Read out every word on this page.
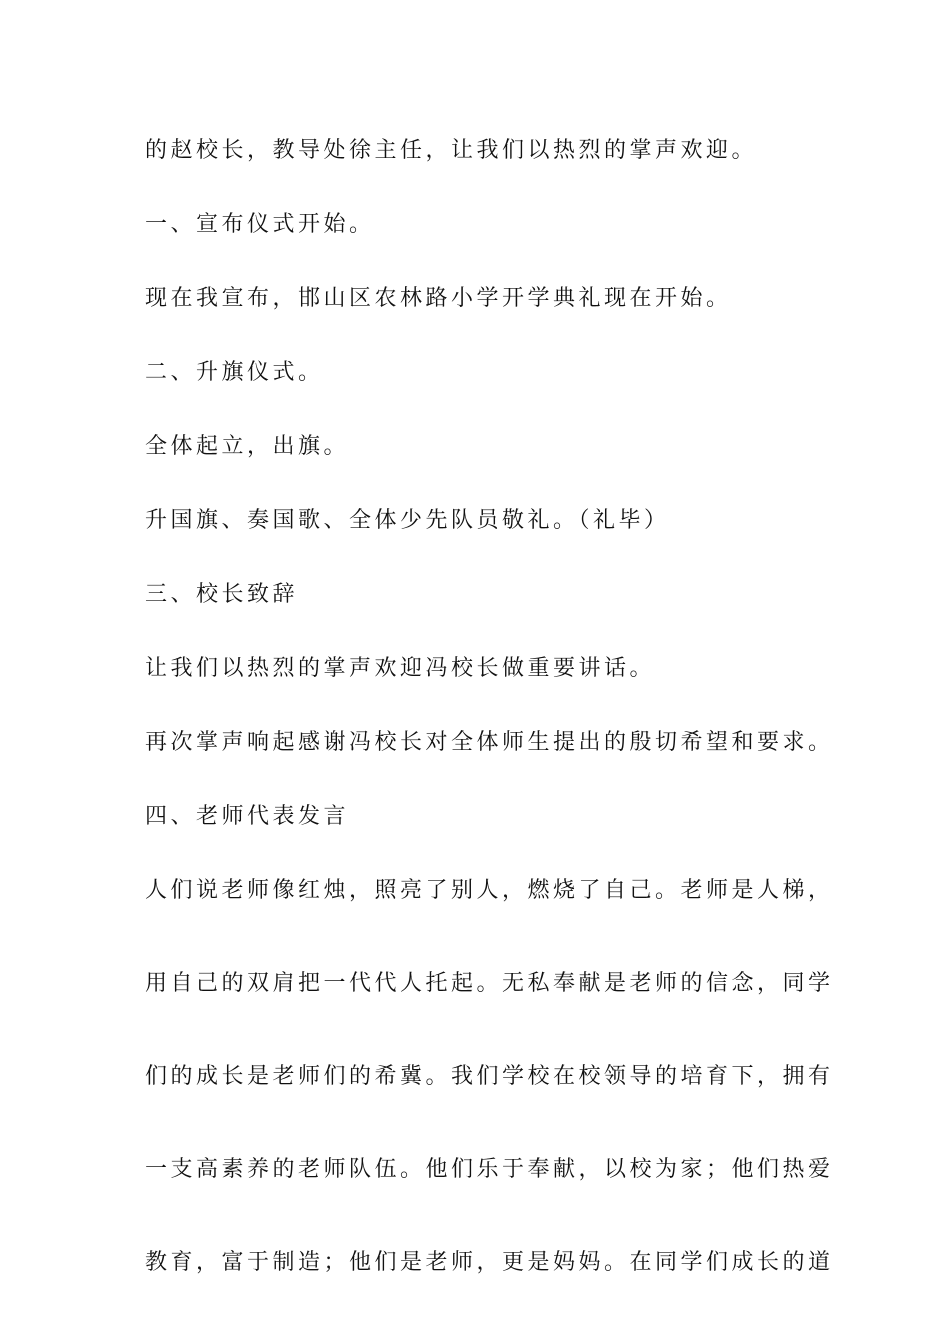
的赵校长，教导处徐主任，让我们以热烈的掌声欢迎。
一、宣布仪式开始。
现在我宣布，邯山区农林路小学开学典礼现在开始。
二、升旗仪式。
全体起立，出旗。
升国旗、奏国歌、全体少先队员敬礼。（礼毕）
三、校长致辞
让我们以热烈的掌声欢迎冯校长做重要讲话。
再次掌声响起感谢冯校长对全体师生提出的殷切希望和要求。
四、老师代表发言
人们说老师像红烛，照亮了别人，燃烧了自己。老师是人梯，
用自己的双肩把一代代人托起。无私奉献是老师的信念，同学
们的成长是老师们的希冀。我们学校在校领导的培育下，拥有
一支高素养的老师队伍。他们乐于奉献，以校为家；他们热爱
教育，富于制造；他们是老师，更是妈妈。在同学们成长的道
